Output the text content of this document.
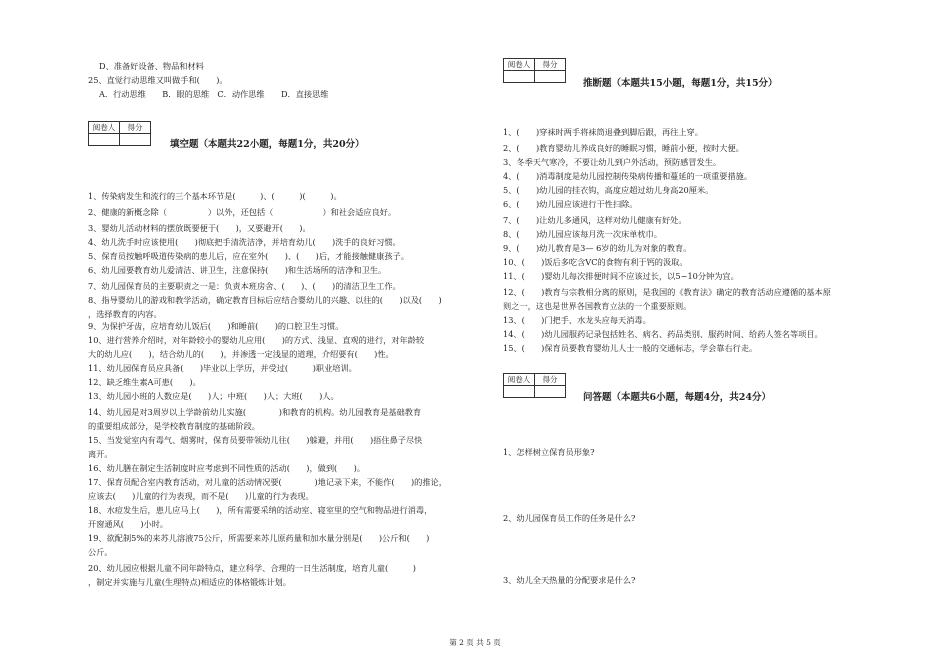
D、准备好设备、物品和材料
25、直觉行动思维又叫做手和(　　)。
A．行动思维　　B．眼的思维　C．动作思维　　D．直接思维
阅卷人	得分

填空题（本题共22小题，每题1分，共20分）
1、传染病发生和流行的三个基本环节是(　　　)、(　　　)(　　　)。
2、健康的新概念除（　　　　　）以外，还包括（　　　　　　）和社会适应良好。
3、婴幼儿活动材料的摆放既要便于(　　)，又要避开(　　)。
4、幼儿洗手时应该使用(　　)彻底把手清洗洁净，并培育幼儿(　　)洗手的良好习惯。
5、保育员按触呼吸道传染病的患儿后，应在室外(　　)、(　　)后，才能接触健康孩子。
6、幼儿园要教育幼儿爱清洁、讲卫生，注意保持(　　)和生活场所的洁净和卫生。
7、幼儿园保育员的主要职责之一是：负责本班房舍、(　　)、(　　)的清洁卫生工作。
8、指导婴幼儿的游戏和教学活动，确定教育目标后应结合婴幼儿的兴趣、以往的(　　)以及(　　)
，选择教育的内容。
9、为保护牙齿，应培育幼儿饭后(　　)和睡前(　　)的口腔卫生习惯。
10、进行营养介绍时，对年龄较小的婴幼儿应用(　　)的方式、浅显、直观的进行，对年龄较
大的幼儿应(　　)，结合幼儿的(　　)，并渗透一定浅显的道理，介绍要有(　　)性。
11、幼儿园保育员应具备(　　)毕业以上学历，并受过(　　　)职业培训。
12、缺乏维生素A可患(　　)。
13、幼儿园小班的人数应是(　　)人；中班(　　)人；大班(　　)人。
14、幼儿园是对3周岁以上学龄前幼儿实施(　　　　)和教育的机构。幼儿园教育是基础教育
的重要组成部分，是学校教育制度的基础阶段。
15、当发觉室内有毒气、烟雾时，保育员要带领幼儿往(　　)躲避，并用(　　)捂住鼻子尽快
离开。
16、幼儿膳在制定生活制度时应考虑到不同性质的活动(　　)，做到(　　)。
17、保育员配合室内教育活动，对儿童的活动情况要(　　　　)地记录下来，不能作(　　)的推论，
应该去(　　)儿童的行为表现，而不是(　　)儿童的行为表现。
18、水痘发生后，患儿应马上(　　)，所有需要采纳的活动室、寝室里的空气和物品进行消毒，
开窗通风(　　)小时。
19、欲配制5%的来苏儿溶液75公斤，所需要来苏儿原药量和加水量分别是(　　)公斤和(　　)
公斤。
20、幼儿园应根据儿童不同年龄特点，建立科学、合理的一日生活制度，培育儿童(　　　)
，制定并实施与儿童(生理特点)相适应的体格锻炼计划。
阅卷人	得分

推断题（本题共15小题，每题1分，共15分）
1、(　　)穿袜时两手将袜筒退叠到脚后跟，再往上穿。
2、(　　)教育婴幼儿养成良好的睡眠习惯，睡前小便，按时大便。
3、冬季天气寒冷，不要让幼儿到户外活动，预防感冒发生。
4、(　　)消毒制度是幼儿园控制传染病传播和蔓延的一项重要措施。
5、(　　)幼儿园的挂衣钩，高度应超过幼儿身高20厘米。
6、(　　)幼儿园应该进行干性扫除。
7、(　　)让幼儿多通风，这样对幼儿健康有好处。
8、(　　)幼儿园应该每月洗一次床单枕巾。
9、(　　)幼儿教育是3— 6岁的幼儿为对象的教育。
10、(　　)饭后多吃含VC的食物有利于钙的汲取。
11、(　　)婴幼儿每次排便时间不应该过长，以5~10分钟为宜。
12、(　　)教育与宗教相分离的原则，是我国的《教育法》确定的教育活动应遵循的基本原
则之一，这也是世界各国教育立法的一个重要原则。
13、(　　)门把手、水龙头应每天消毒。
14、(　　)幼儿园服药记录包括姓名、病名、药品类别、服药时间、给药人签名等项目。
15、(　　)保育员要教育婴幼儿人士一般的交通标志，学会靠右行走。
阅卷人	得分

问答题（本题共6小题，每题4分，共24分）
1、怎样树立保育员形象?
2、幼儿园保育员工作的任务是什么?
3、幼儿全天热量的分配要求是什么?
第 2 页 共 5 页
